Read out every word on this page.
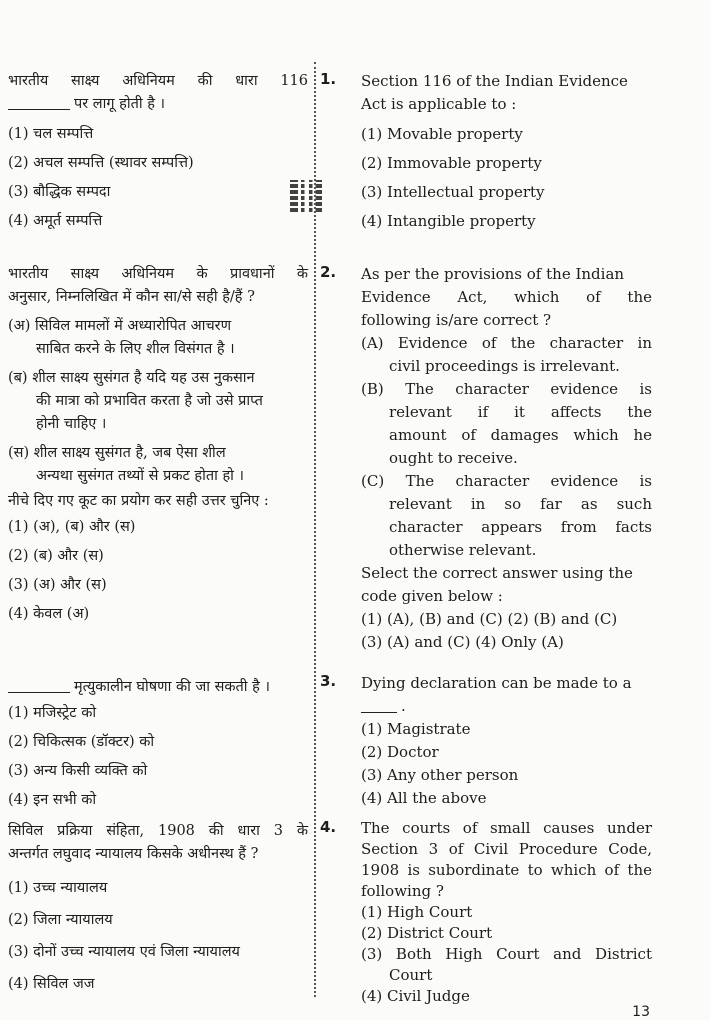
भारतीय साक्ष्य अधिनियम की धारा 116
पर लागू होती है ।
(1) चल सम्पत्ति
(2) अचल सम्पत्ति (स्थावर सम्पत्ति)
(3) बौद्धिक सम्पदा
(4) अमूर्त सम्पत्ति
भारतीय साक्ष्य अधिनियम के प्रावधानों के
अनुसार, निम्नलिखित में कौन सा/से सही है/हैं ?
(अ) सिविल मामलों में अध्यारोपित आचरण
साबित करने के लिए शील विसंगत है ।
(ब) शील साक्ष्य सुसंगत है यदि यह उस नुकसान
की मात्रा को प्रभावित करता है जो उसे प्राप्त
होनी चाहिए ।
(स) शील साक्ष्य सुसंगत है, जब ऐसा शील
अन्यथा सुसंगत तथ्यों से प्रकट होता हो ।
नीचे दिए गए कूट का प्रयोग कर सही उत्तर चुनिए :
(1) (अ), (ब) और (स)
(2) (ब) और (स)
(3) (अ) और (स)
(4) केवल (अ)
मृत्युकालीन घोषणा की जा सकती है ।
(1) मजिस्ट्रेट को
(2) चिकित्सक (डॉक्टर) को
(3) अन्य किसी व्यक्ति को
(4) इन सभी को
सिविल प्रक्रिया संहिता, 1908 की धारा 3 के
अन्तर्गत लघुवाद न्यायालय किसके अधीनस्थ हैं ?
(1) उच्च न्यायालय
(2) जिला न्यायालय
(3) दोनों उच्च न्यायालय एवं जिला न्यायालय
(4) सिविल जज
1. Section 116 of the Indian Evidence
Act is applicable to :
(1) Movable property
(2) Immovable property
(3) Intellectual property
(4) Intangible property
2. As per the provisions of the Indian
Evidence Act, which of the
following is/are correct ?
(A) Evidence of the character in
civil proceedings is irrelevant.
(B) The character evidence is
relevant if it affects the
amount of damages which he
ought to receive.
(C) The character evidence is
relevant in so far as such
character appears from facts
otherwise relevant.
Select the correct answer using the
code given below :
(1) (A), (B) and (C) (2) (B) and (C)
(3) (A) and (C) (4) Only (A)
3. Dying declaration can be made to a
.
(1) Magistrate
(2) Doctor
(3) Any other person
(4) All the above
4. The courts of small causes under
Section 3 of Civil Procedure Code,
1908 is subordinate to which of the
following ?
(1) High Court
(2) District Court
(3) Both High Court and District
Court
(4) Civil Judge
13
